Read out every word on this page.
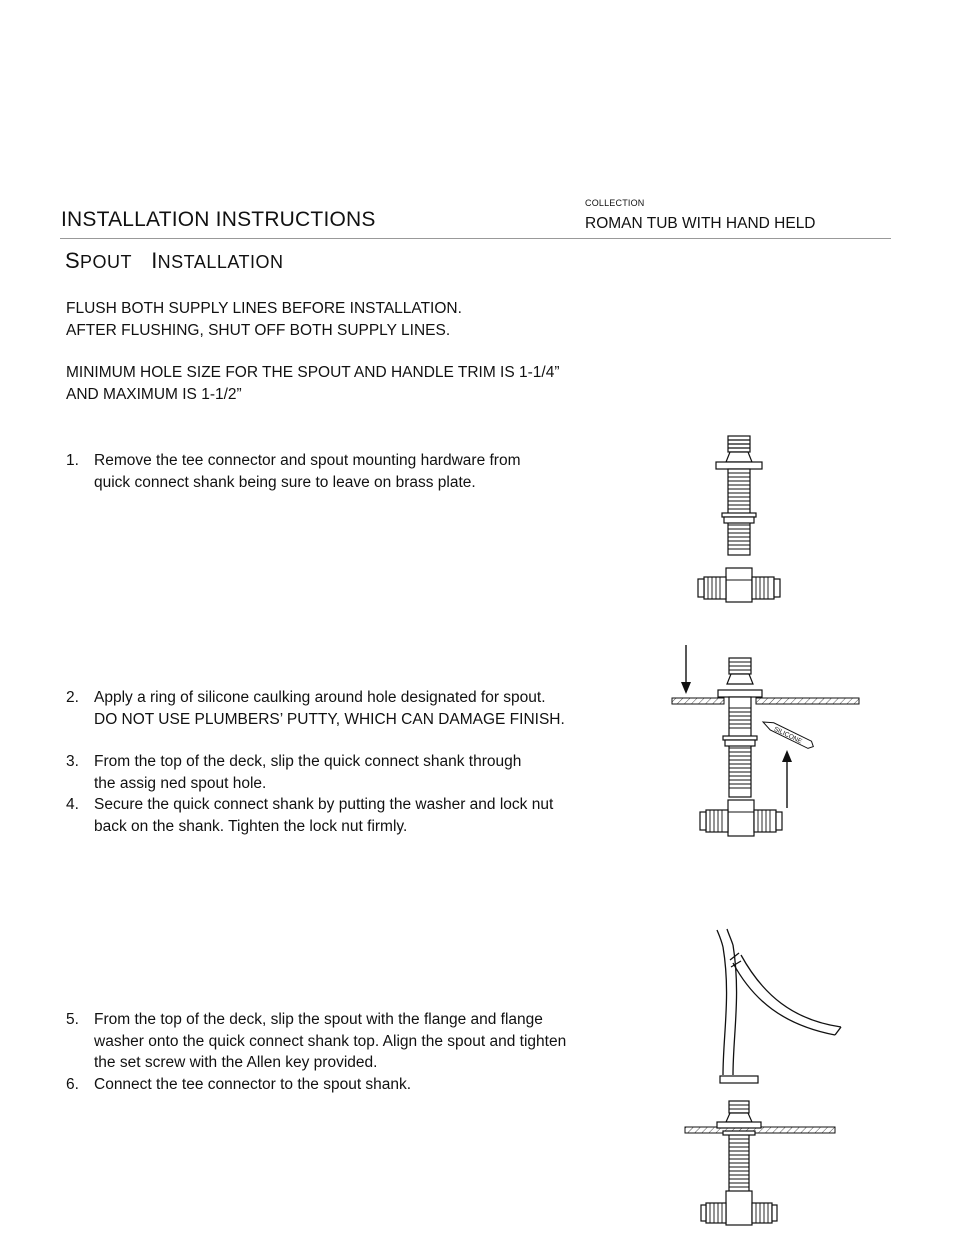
COLLECTION
ROMAN TUB WITH HAND HELD
INSTALLATION INSTRUCTIONS
SPOUT INSTALLATION
FLUSH BOTH SUPPLY LINES BEFORE INSTALLATION.
AFTER FLUSHING, SHUT OFF BOTH SUPPLY LINES.
MINIMUM HOLE SIZE FOR THE SPOUT AND HANDLE TRIM IS 1-1/4”
AND MAXIMUM IS 1-1/2”
1. Remove the tee connector and spout mounting hardware from
quick connect shank being sure to leave on brass plate.
2. Apply a ring of silicone caulking around hole designated for spout.
DO NOT USE PLUMBERS’ PUTTY, WHICH CAN DAMAGE FINISH.
3. From the top of the deck, slip the quick connect shank through
the assig ned spout hole.
4. Secure the quick connect shank by putting the washer and lock nut
back on the shank. Tighten the lock nut firmly.
5. From the top of the deck, slip the spout with the flange and flange
washer onto the quick connect shank top. Align the spout and tighten
the set screw with the Allen key provided.
6. Connect the tee connector to the spout shank.
SILICONE
